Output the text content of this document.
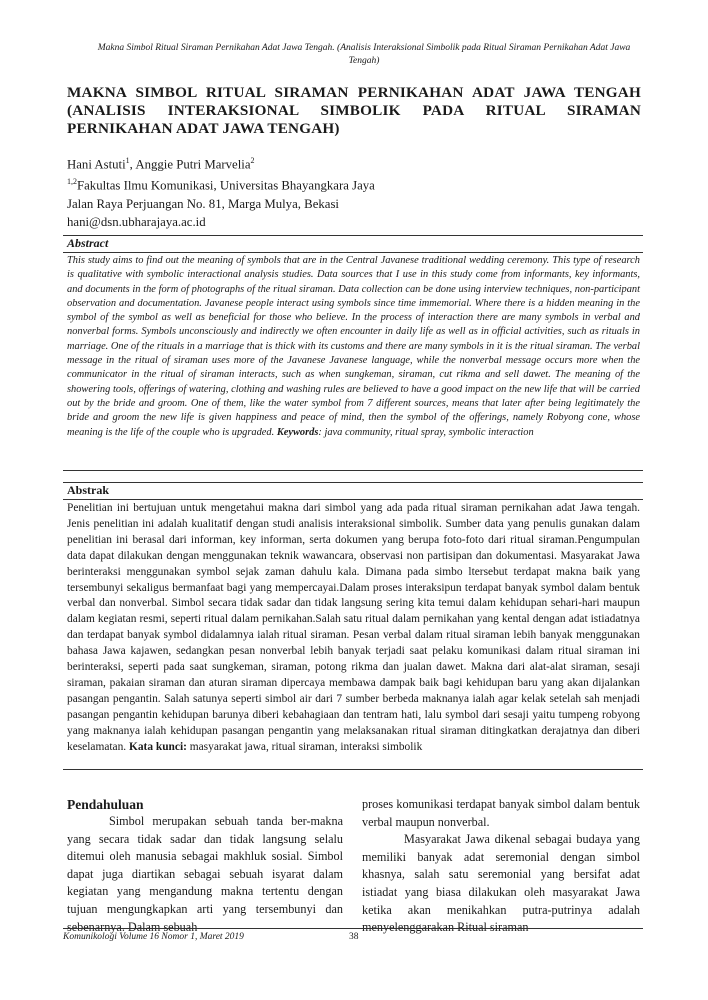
Makna Simbol Ritual Siraman Pernikahan Adat Jawa Tengah. (Analisis Interaksional Simbolik pada Ritual Siraman Pernikahan Adat Jawa Tengah)
MAKNA SIMBOL RITUAL SIRAMAN PERNIKAHAN ADAT JAWA TENGAH (ANALISIS INTERAKSIONAL SIMBOLIK PADA RITUAL SIRAMAN PERNIKAHAN ADAT JAWA TENGAH)

Hani Astuti$^1$, Anggie Putri Marvelia$^2$

$^{1,2}$Fakultas Ilmu Komunikasi, Universitas Bhayangkara Jaya

Jalan Raya Perjuangan No. 81, Marga Mulya, Bekasi

hani@dsn.ubharajaya.ac.id

Abstract
This study aims to find out the meaning of symbols that are in the Central Javanese traditional wedding ceremony. This type of research is qualitative with symbolic interactional analysis studies. Data sources that I use in this study come from informants, key informants, and documents in the form of photographs of the ritual siraman. Data collection can be done using interview techniques, non-participant observation and documentation. Javanese people interact using symbols since time immemorial. Where there is a hidden meaning in the symbol of the symbol as well as beneficial for those who believe. In the process of interaction there are many symbols in verbal and nonverbal forms. Symbols unconsciously and indirectly we often encounter in daily life as well as in official activities, such as rituals in marriage. One of the rituals in a marriage that is thick with its customs and there are many symbols in it is the ritual siraman. The verbal message in the ritual of siraman uses more of the Javanese Javanese language, while the nonverbal message occurs more when the communicator in the ritual of siraman interacts, such as when sungkeman, siraman, cut rikma and sell dawet. The meaning of the showering tools, offerings of watering, clothing and washing rules are believed to have a good impact on the new life that will be carried out by the bride and groom. One of them, like the water symbol from 7 different sources, means that later after being legitimately the bride and groom the new life is given happiness and peace of mind, then the symbol of the offerings, namely Robyong cone, whose meaning is the life of the couple who is upgraded. Keywords: java community, ritual spray, symbolic interaction
Abstrak
Penelitian ini bertujuan untuk mengetahui makna dari simbol yang ada pada ritual siraman pernikahan adat Jawa tengah. Jenis penelitian ini adalah kualitatif dengan studi analisis interaksional simbolik. Sumber data yang penulis gunakan dalam penelitian ini berasal dari informan, key informan, serta dokumen yang berupa foto-foto dari ritual siraman.Pengumpulan data dapat dilakukan dengan menggunakan teknik wawancara, observasi non partisipan dan dokumentasi. Masyarakat Jawa berinteraksi menggunakan symbol sejak zaman dahulu kala. Dimana pada simbo ltersebut terdapat makna baik yang tersembunyi sekaligus bermanfaat bagi yang mempercayai.Dalam proses interaksipun terdapat banyak symbol dalam bentuk verbal dan nonverbal. Simbol secara tidak sadar dan tidak langsung sering kita temui dalam kehidupan sehari-hari maupun dalam kegiatan resmi, seperti ritual dalam pernikahan.Salah satu ritual dalam pernikahan yang kental dengan adat istiadatnya dan terdapat banyak symbol didalamnya ialah ritual siraman. Pesan verbal dalam ritual siraman lebih banyak menggunakan bahasa Jawa kajawen, sedangkan pesan nonverbal lebih banyak terjadi saat pelaku komunikasi dalam ritual siraman ini berinteraksi, seperti pada saat sungkeman, siraman, potong rikma dan jualan dawet. Makna dari alat-alat siraman, sesaji siraman, pakaian siraman dan aturan siraman dipercaya membawa dampak baik bagi kehidupan baru yang akan dijalankan pasangan pengantin. Salah satunya seperti simbol air dari 7 sumber berbeda maknanya ialah agar kelak setelah sah menjadi pasangan pengantin kehidupan barunya diberi kebahagiaan dan tentram hati, lalu symbol dari sesaji yaitu tumpeng robyong yang maknanya ialah kehidupan pasangan pengantin yang melaksanakan ritual siraman ditingkatkan derajatnya dan diberi keselamatan. Kata kunci: masyarakat jawa, ritual siraman, interaksi simbolik

Pendahuluan

Simbol merupakan sebuah tanda ber-makna yang secara tidak sadar dan tidak langsung selalu ditemui oleh manusia sebagai makhluk sosial. Simbol dapat juga diartikan sebagai sebuah isyarat dalam kegiatan yang mengandung makna tertentu dengan tujuan mengungkapkan arti yang tersembunyi dan sebenarnya. Dalam sebuah

proses komunikasi terdapat banyak simbol dalam bentuk verbal maupun nonverbal.

Masyarakat Jawa dikenal sebagai budaya yang memiliki banyak adat seremonial dengan simbol khasnya, salah satu seremonial yang bersifat adat istiadat yang biasa dilakukan oleh masyarakat Jawa ketika akan menikahkan putra-putrinya adalah menyelenggarakan Ritual siraman

Komunikologi Volume 16 Nomor 1, Maret 2019	38
